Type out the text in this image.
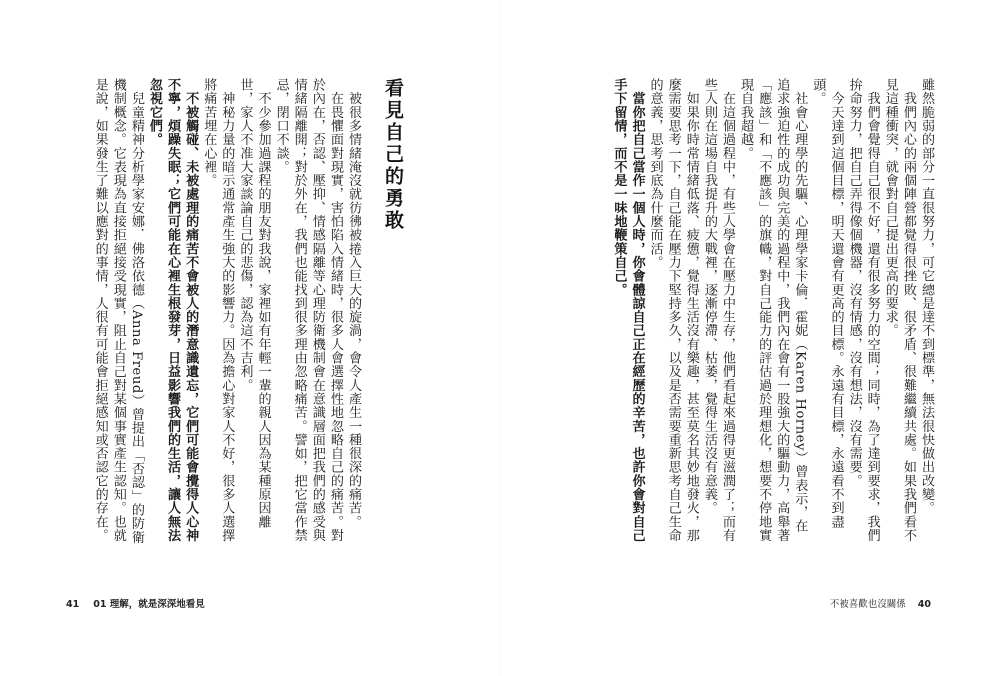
看見自己的勇敢

　被很多情緒淹沒就彷彿被捲入巨大的旋渦，會令人產生一種很深的痛苦。

　在畏懼面對現實，害怕陷入情緒時，很多人會選擇性地忽略自己的痛苦。對於內在，否認、壓抑、情感隔離等心理防衛機制會在意識層面把我們的感受與情緒隔離開；對於外在，我們也能找到很多理由忽略痛苦。譬如，把它當作禁忌，閉口不談。

　不少參加過課程的朋友對我說，家裡如有年輕一輩的親人因為某種原因離世，家人不准大家談論自己的悲傷，認為這不吉利。

　神秘力量的暗示通常產生強大的影響力。因為擔心對家人不好，很多人選擇將痛苦埋在心裡。

　不被觸碰、未被處理的痛苦不會被人的潛意識遺忘，它們可能會攪得人心神不寧，煩躁失眠；它們可能在心裡生根發芽，日益影響我們的生活，讓人無法忽視它們。

　兒童精神分析學家安娜．佛洛依德（Anna Freud）曾提出「否認」的防衛機制概念。它表現為直接拒絕接受現實，阻止自己對某個事實產生認知。也就是說，如果發生了難以應對的事情，人很有可能會拒絕感知或否認它的存在。

41 01 理解，就是深深地看見

雖然脆弱的部分一直很努力，可它總是達不到標準，無法很快做出改變。

　我們內心的兩個陣營都覺得很挫敗、很矛盾、很難繼續共處。如果我們看不見這種衝突，就會對自己提出更高的要求。

　我們會覺得自己很不好，還有很多努力的空間；同時，為了達到要求，我們拚命努力，把自己弄得像個機器，沒有情感，沒有想法，沒有需要。

　今天達到這個目標，明天還會有更高的目標。永遠有目標，永遠看不到盡頭。

　社會心理學的先驅、心理學家卡倫．霍妮（Karen Horney）曾表示，在追求強迫性的成功與完美的過程中，我們內在會有一股強大的驅動力，高舉著「應該」和「不應該」的旗幟，對自己能力的評估過於理想化，想要不停地實現自我超越。

　在這個過程中，有些人學會在壓力中生存，他們看起來過得更滋潤了；而有些人則在這場自我提升的大戰裡，逐漸停滯、枯萎，覺得生活沒有意義。

　如果你時常情緒低落、疲憊，覺得生活沒有樂趣，甚至莫名其妙地發火，那麼需要思考一下，自己能在壓力下堅持多久，以及是否需要重新思考自己生命的意義，思考到底為什麼而活。

　當你把自己當作一個人時，你會體諒自己正在經歷的辛苦，也許你會對自己手下留情，而不是一味地鞭策自己。

不被喜歡也沒關係 40
